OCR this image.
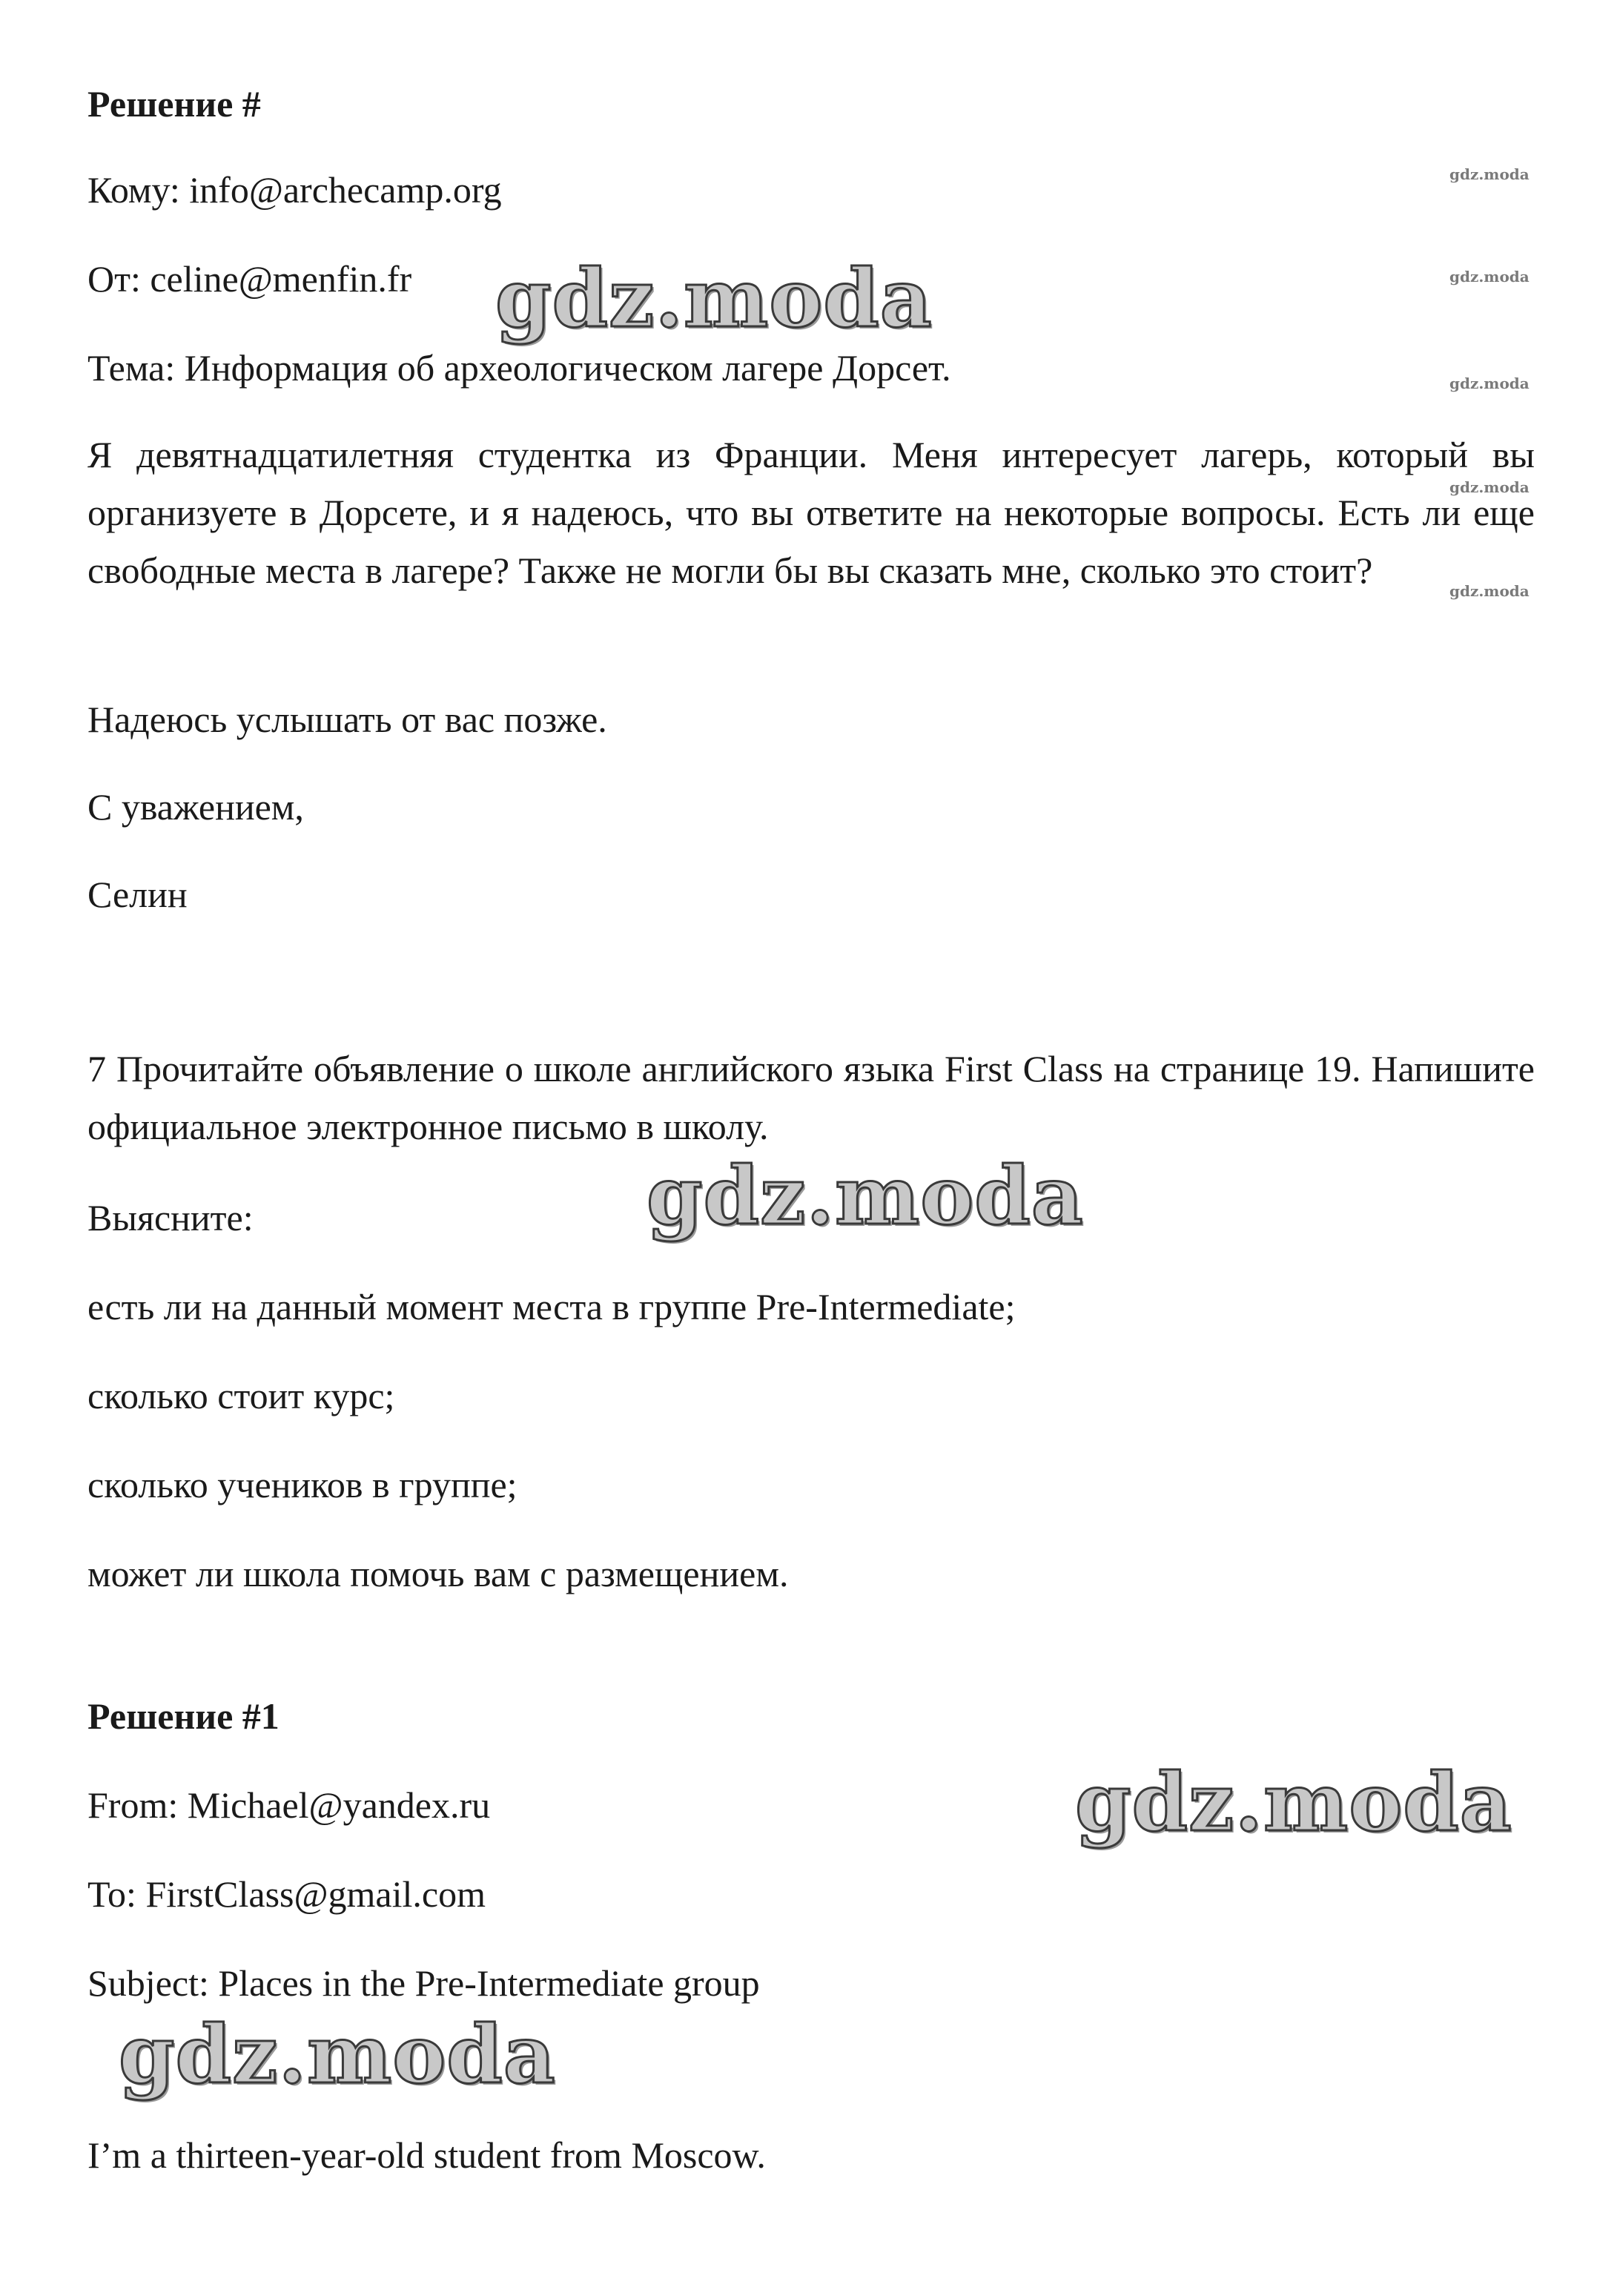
Решение #
Кому: info@archecamp.org
От: celine@menfin.fr
Тема: Информация об археологическом лагере Дорсет.
Я девятнадцатилетняя студентка из Франции. Меня интересует лагерь, который вы организуете в Дорсете, и я надеюсь, что вы ответите на некоторые вопросы. Есть ли еще свободные места в лагере? Также не могли бы вы сказать мне, сколько это стоит?
Надеюсь услышать от вас позже.
С уважением,
Селин
7 Прочитайте объявление о школе английского языка First Class на странице 19. Напишите официальное электронное письмо в школу.
Выясните:
есть ли на данный момент места в группе Pre-Intermediate;
сколько стоит курс;
сколько учеников в группе;
может ли школа помочь вам с размещением.
Решение #1
From: Michael@yandex.ru
To: FirstClass@gmail.com
Subject: Places in the Pre-Intermediate group
I’m a thirteen-year-old student from Moscow.
gdz.moda
gdz.moda
gdz.moda
gdz.moda
gdz.moda
gdz.moda
gdz.moda
gdz.moda
gdz.moda
